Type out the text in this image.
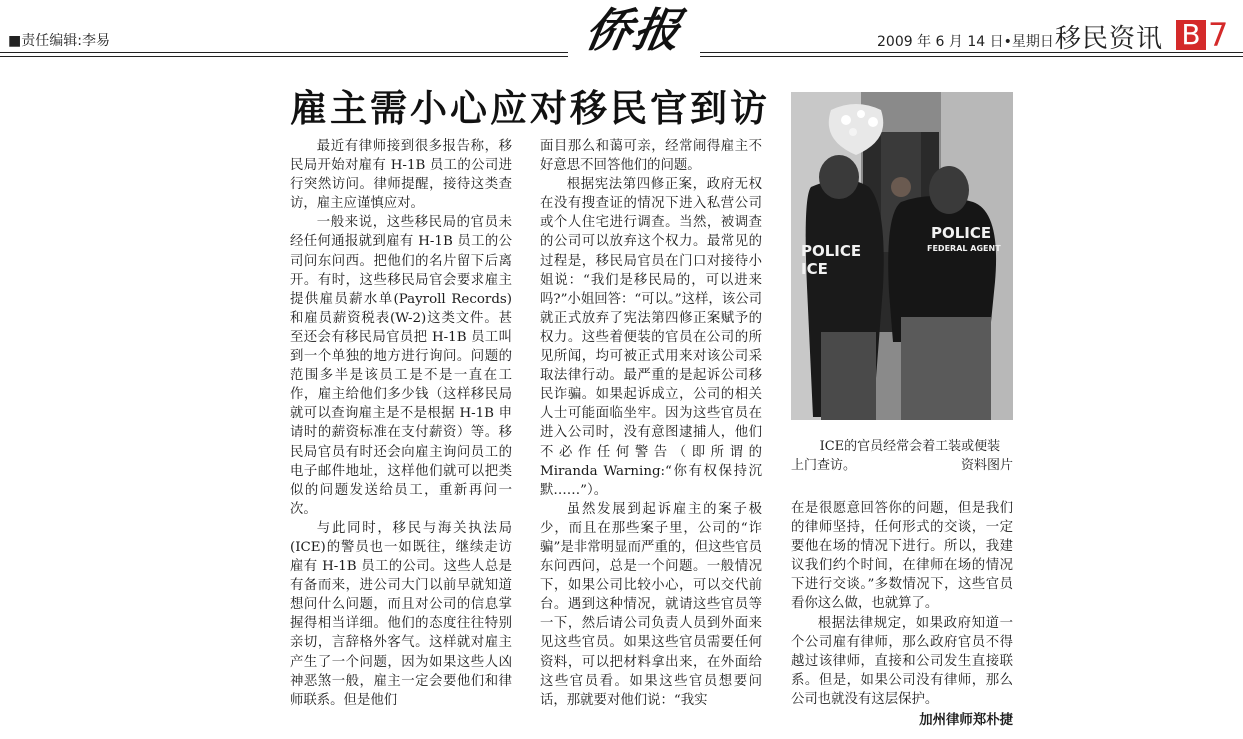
■责任编辑:李易	侨报	2009 年 6 月 14 日•星期日 移民资讯 B 7
雇主需小心应对移民官到访

最近有律师接到很多报告称，移民局开始对雇有 H-1B 员工的公司进行突然访问。律师提醒，接待这类查访，雇主应谨慎应对。

一般来说，这些移民局的官员未经任何通报就到雇有 H-1B 员工的公司问东问西。把他们的名片留下后离开。有时，这些移民局官会要求雇主提供雇员薪水单(Payroll Records)和雇员薪资税表(W-2)这类文件。甚至还会有移民局官员把 H-1B 员工叫到一个单独的地方进行询问。问题的范围多半是该员工是不是一直在工作，雇主给他们多少钱（这样移民局就可以查询雇主是不是根据 H-1B 申请时的薪资标准在支付薪资）等。移民局官员有时还会向雇主询问员工的电子邮件地址，这样他们就可以把类似的问题发送给员工，重新再问一次。

与此同时，移民与海关执法局(ICE)的警员也一如既往，继续走访雇有 H-1B 员工的公司。这些人总是有备而来，进公司大门以前早就知道想问什么问题，而且对公司的信息掌握得相当详细。他们的态度往往特别亲切，言辞格外客气。这样就对雇主产生了一个问题，因为如果这些人凶神恶煞一般，雇主一定会要他们和律师联系。但是他们

面目那么和蔼可亲，经常闹得雇主不好意思不回答他们的问题。

根据宪法第四修正案，政府无权在没有搜查证的情况下进入私营公司或个人住宅进行调查。当然，被调查的公司可以放弃这个权力。最常见的过程是，移民局官员在门口对接待小姐说：“我们是移民局的，可以进来吗?”小姐回答：“可以。”这样，该公司就正式放弃了宪法第四修正案赋予的权力。这些着便装的官员在公司的所见所闻，均可被正式用来对该公司采取法律行动。最严重的是起诉公司移民诈骗。如果起诉成立，公司的相关人士可能面临坐牢。因为这些官员在进入公司时，没有意图逮捕人，他们不必作任何警告（即所谓的 Miranda Warning:“你有权保持沉默……”）。

虽然发展到起诉雇主的案子极少，而且在那些案子里，公司的“诈骗”是非常明显而严重的，但这些官员东问西问，总是一个问题。一般情况下，如果公司比较小心，可以交代前台。遇到这种情况，就请这些官员等一下，然后请公司负责人员到外面来见这些官员。如果这些官员需要任何资料，可以把材料拿出来，在外面给这些官员看。如果这些官员想要问话，那就要对他们说：“我实

POLICE
ICE
POLICE
FEDERAL AGENT
ICE的官员经常会着工装或便装上门查访。	资料图片

在是很愿意回答你的问题，但是我们的律师坚持，任何形式的交谈，一定要他在场的情况下进行。所以，我建议我们约个时间，在律师在场的情况下进行交谈。”多数情况下，这些官员看你这么做，也就算了。

根据法律规定，如果政府知道一个公司雇有律师，那么政府官员不得越过该律师，直接和公司发生直接联系。但是，如果公司没有律师，那么公司也就没有这层保护。

加州律师郑朴捷
